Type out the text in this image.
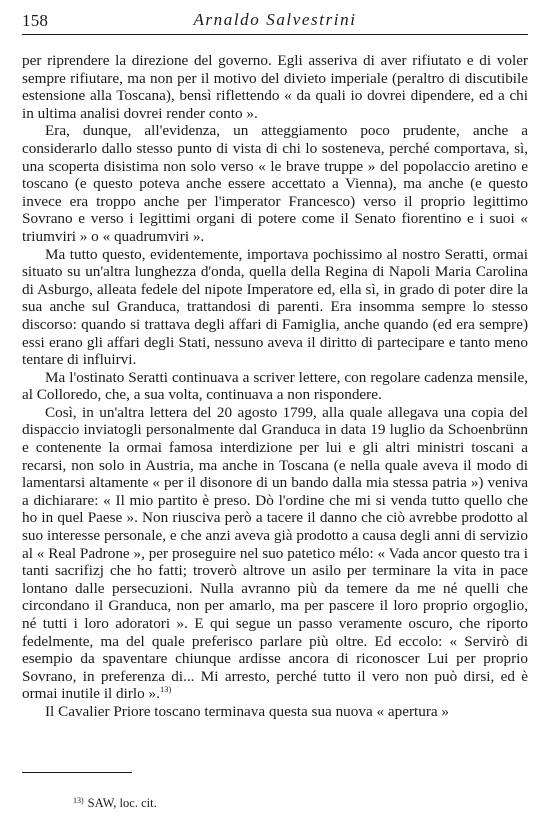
158	Arnaldo Salvestrini

per riprendere la direzione del governo. Egli asseriva di aver rifiutato e di voler sempre rifiutare, ma non per il motivo del divieto imperiale (peraltro di discutibile estensione alla Toscana), bensì riflettendo « da quali io dovrei dipendere, ed a chi in ultima analisi dovrei render conto ».

Era, dunque, all'evidenza, un atteggiamento poco prudente, anche a considerarlo dallo stesso punto di vista di chi lo sosteneva, perché comportava, sì, una scoperta disistima non solo verso « le brave truppe » del popolaccio aretino e toscano (e questo poteva anche essere accettato a Vienna), ma anche (e questo invece era troppo anche per l'imperator Francesco) verso il proprio legittimo Sovrano e verso i legittimi organi di potere come il Senato fiorentino e i suoi « triumviri » o « quadrumviri ».

Ma tutto questo, evidentemente, importava pochissimo al nostro Seratti, ormai situato su un'altra lunghezza d'onda, quella della Regina di Napoli Maria Carolina di Asburgo, alleata fedele del nipote Imperatore ed, ella sì, in grado di poter dire la sua anche sul Granduca, trattandosi di parenti. Era insomma sempre lo stesso discorso: quando si trattava degli affari di Famiglia, anche quando (ed era sempre) essi erano gli affari degli Stati, nessuno aveva il diritto di partecipare e tanto meno tentare di influirvi.

Ma l'ostinato Seratti continuava a scriver lettere, con regolare cadenza mensile, al Colloredo, che, a sua volta, continuava a non rispondere.

Così, in un'altra lettera del 20 agosto 1799, alla quale allegava una copia del dispaccio inviatogli personalmente dal Granduca in data 19 luglio da Schoenbrünn e contenente la ormai famosa interdizione per lui e gli altri ministri toscani a recarsi, non solo in Austria, ma anche in Toscana (e nella quale aveva il modo di lamentarsi altamente « per il disonore di un bando dalla mia stessa patria ») veniva a dichiarare: « Il mio partito è preso. Dò l'ordine che mi si venda tutto quello che ho in quel Paese ». Non riusciva però a tacere il danno che ciò avrebbe prodotto al suo interesse personale, e che anzi aveva già prodotto a causa degli anni di servizio al « Real Padrone », per proseguire nel suo patetico mélo: « Vada ancor questo tra i tanti sacrifizj che ho fatti; troverò altrove un asilo per terminare la vita in pace lontano dalle persecuzioni. Nulla avranno più da temere da me né quelli che circondano il Granduca, non per amarlo, ma per pascere il loro proprio orgoglio, né tutti i loro adoratori ». E qui segue un passo veramente oscuro, che riporto fedelmente, ma del quale preferisco parlare più oltre. Ed eccolo: « Servirò di esempio da spaventare chiunque ardisse ancora di riconoscer Lui per proprio Sovrano, in preferenza di... Mi arresto, perché tutto il vero non può dirsi, ed è ormai inutile il dirlo ».$^{13)}$

Il Cavalier Priore toscano terminava questa sua nuova « apertura »

$^{13)}$ SAW, loc. cit.
